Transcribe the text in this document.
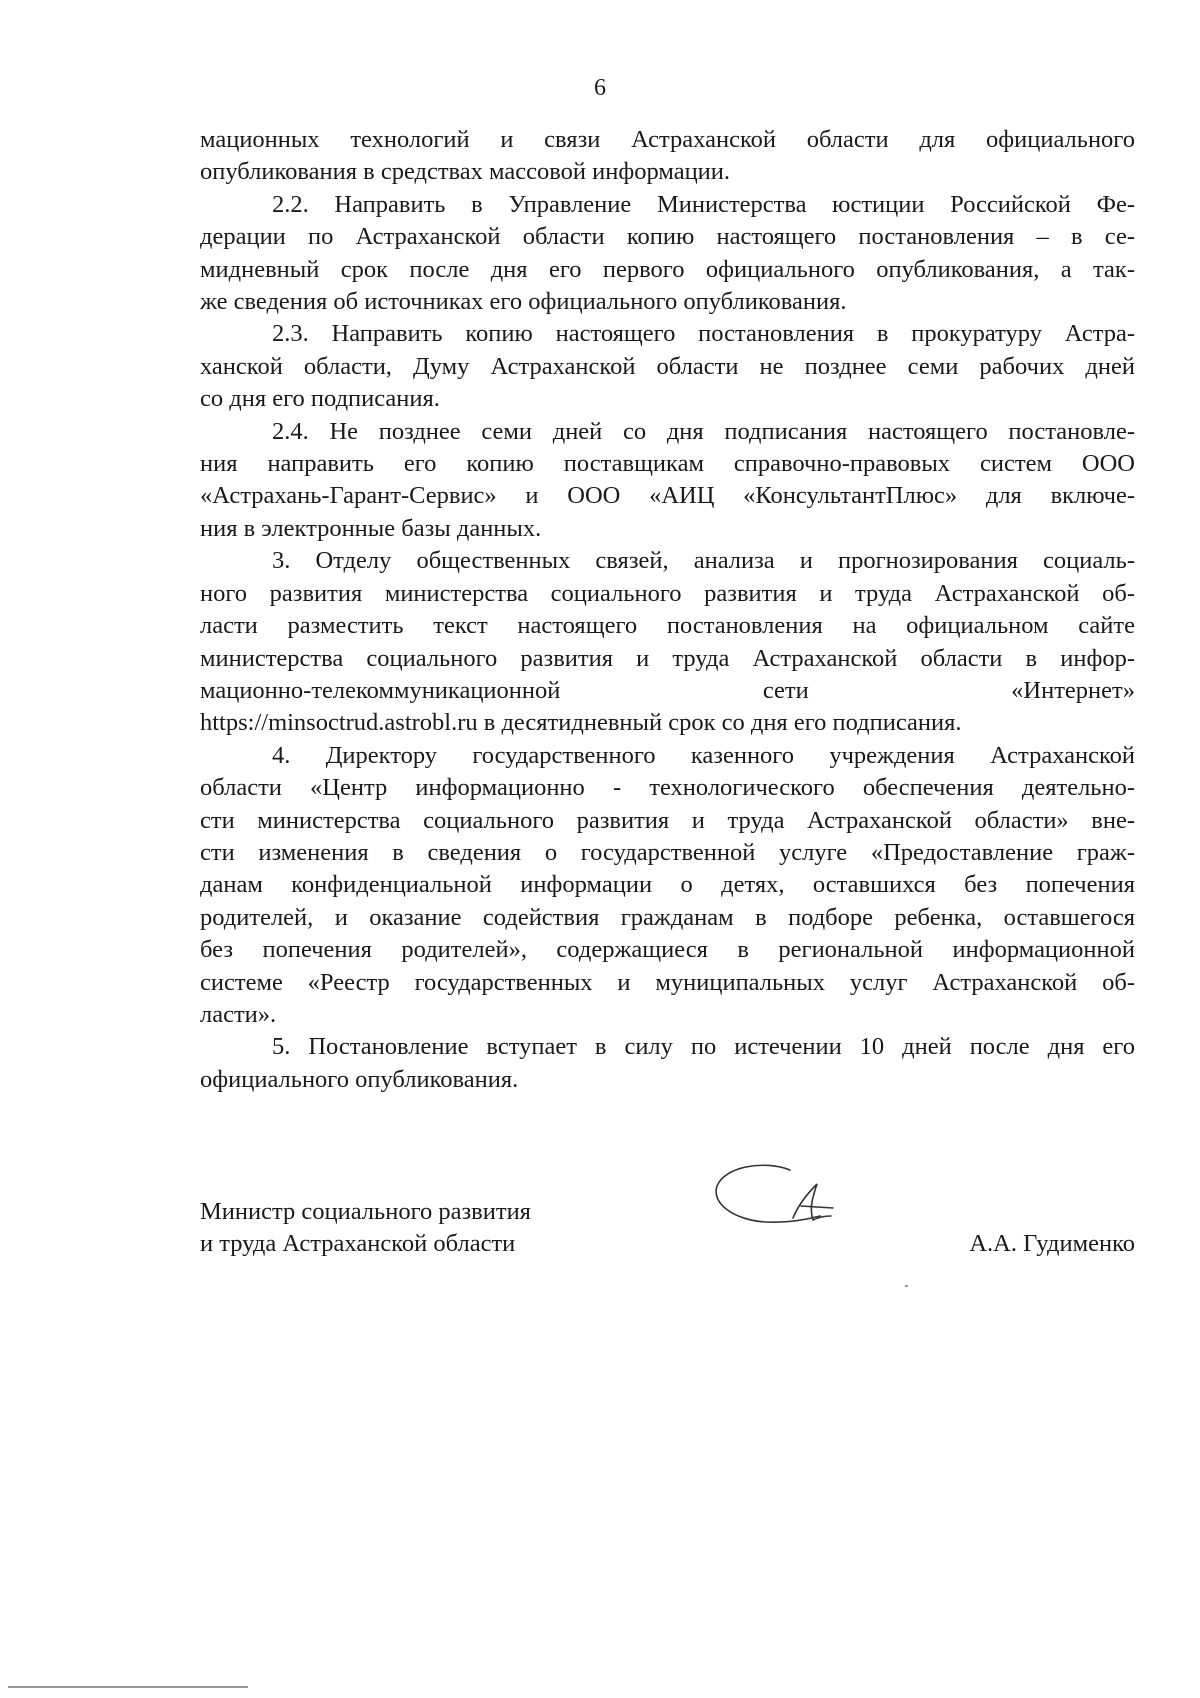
6

мационных технологий и связи Астраханской области для официального
опубликования в средствах массовой информации.

2.2. Направить в Управление Министерства юстиции Российской Фе-
дерации по Астраханской области копию настоящего постановления – в се-
мидневный срок после дня его первого официального опубликования, а так-
же сведения об источниках его официального опубликования.

2.3. Направить копию настоящего постановления в прокуратуру Астра-
ханской области, Думу Астраханской области не позднее семи рабочих дней
со дня его подписания.

2.4. Не позднее семи дней со дня подписания настоящего постановле-
ния направить его копию поставщикам справочно-правовых систем ООО
«Астрахань-Гарант-Сервис» и ООО «АИЦ «КонсультантПлюс» для включе-
ния в электронные базы данных.

3. Отделу общественных связей, анализа и прогнозирования социаль-
ного развития министерства социального развития и труда Астраханской об-
ласти разместить текст настоящего постановления на официальном сайте
министерства социального развития и труда Астраханской области в инфор-
мационно-телекоммуникационной сети «Интернет»
https://minsoctrud.astrobl.ru в десятидневный срок со дня его подписания.

4. Директору государственного казенного учреждения Астраханской
области «Центр информационно - технологического обеспечения деятельно-
сти министерства социального развития и труда Астраханской области» вне-
сти изменения в сведения о государственной услуге «Предоставление граж-
данам конфиденциальной информации о детях, оставшихся без попечения
родителей, и оказание содействия гражданам в подборе ребенка, оставшегося
без попечения родителей», содержащиеся в региональной информационной
системе «Реестр государственных и муниципальных услуг Астраханской об-
ласти».

5. Постановление вступает в силу по истечении 10 дней после дня его
официального опубликования.

Министр социального развития
и труда Астраханской области	А.А. Гудименко
